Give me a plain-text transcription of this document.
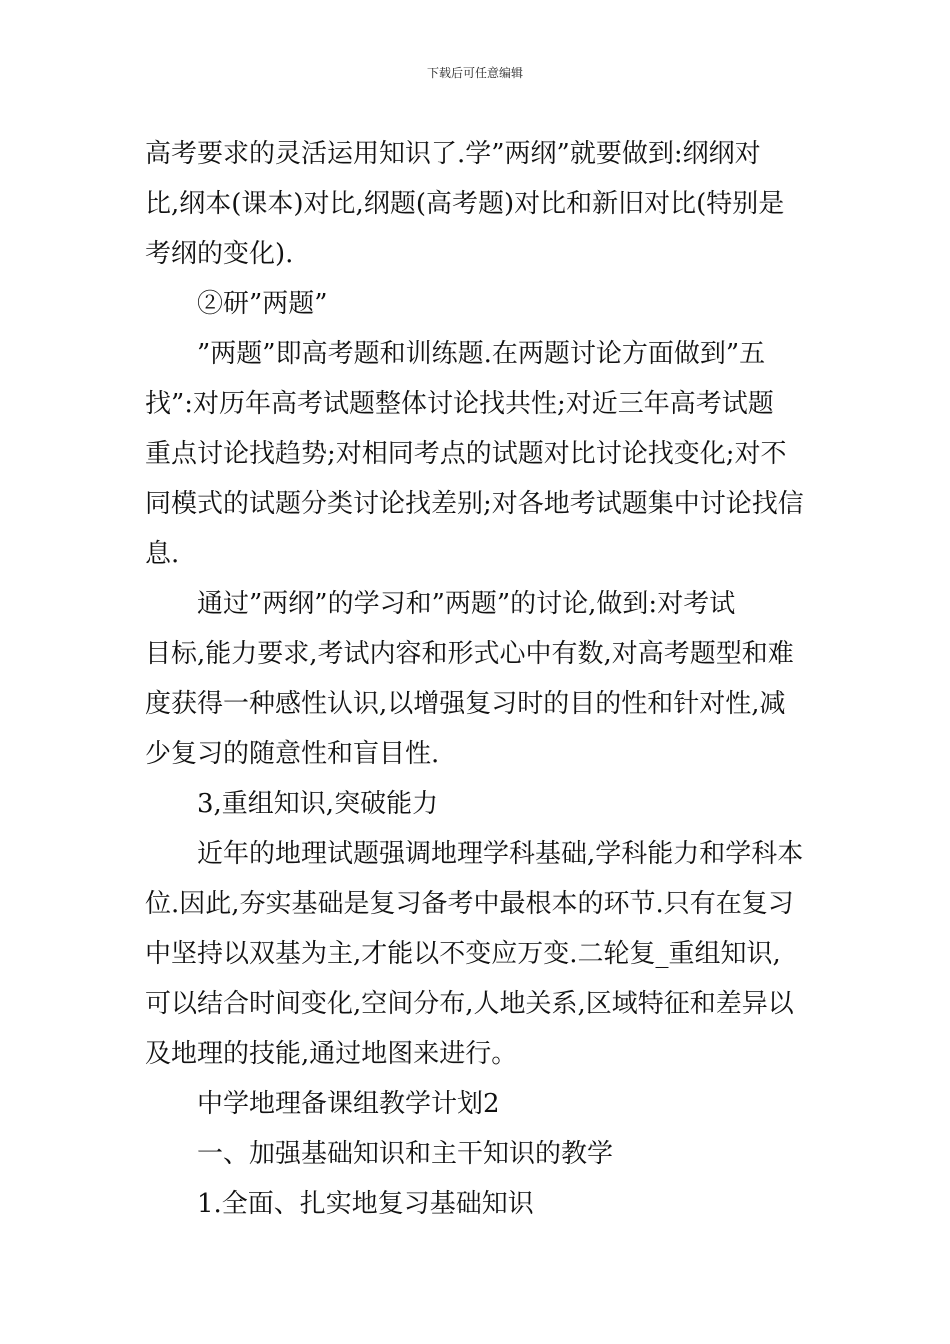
下载后可任意编辑
高考要求的灵活运用知识了.学”两纲”就要做到:纲纲对
比,纲本(课本)对比,纲题(高考题)对比和新旧对比(特别是
考纲的变化).
②研”两题”
”两题”即高考题和训练题.在两题讨论方面做到”五
找”:对历年高考试题整体讨论找共性;对近三年高考试题
重点讨论找趋势;对相同考点的试题对比讨论找变化;对不
同模式的试题分类讨论找差别;对各地考试题集中讨论找信
息.
通过”两纲”的学习和”两题”的讨论,做到:对考试
目标,能力要求,考试内容和形式心中有数,对高考题型和难
度获得一种感性认识,以增强复习时的目的性和针对性,减
少复习的随意性和盲目性.
3,重组知识,突破能力
近年的地理试题强调地理学科基础,学科能力和学科本
位.因此,夯实基础是复习备考中最根本的环节.只有在复习
中坚持以双基为主,才能以不变应万变.二轮复_重组知识,
可以结合时间变化,空间分布,人地关系,区域特征和差异以
及地理的技能,通过地图来进行。
中学地理备课组教学计划2
一、加强基础知识和主干知识的教学
1.全面、扎实地复习基础知识
